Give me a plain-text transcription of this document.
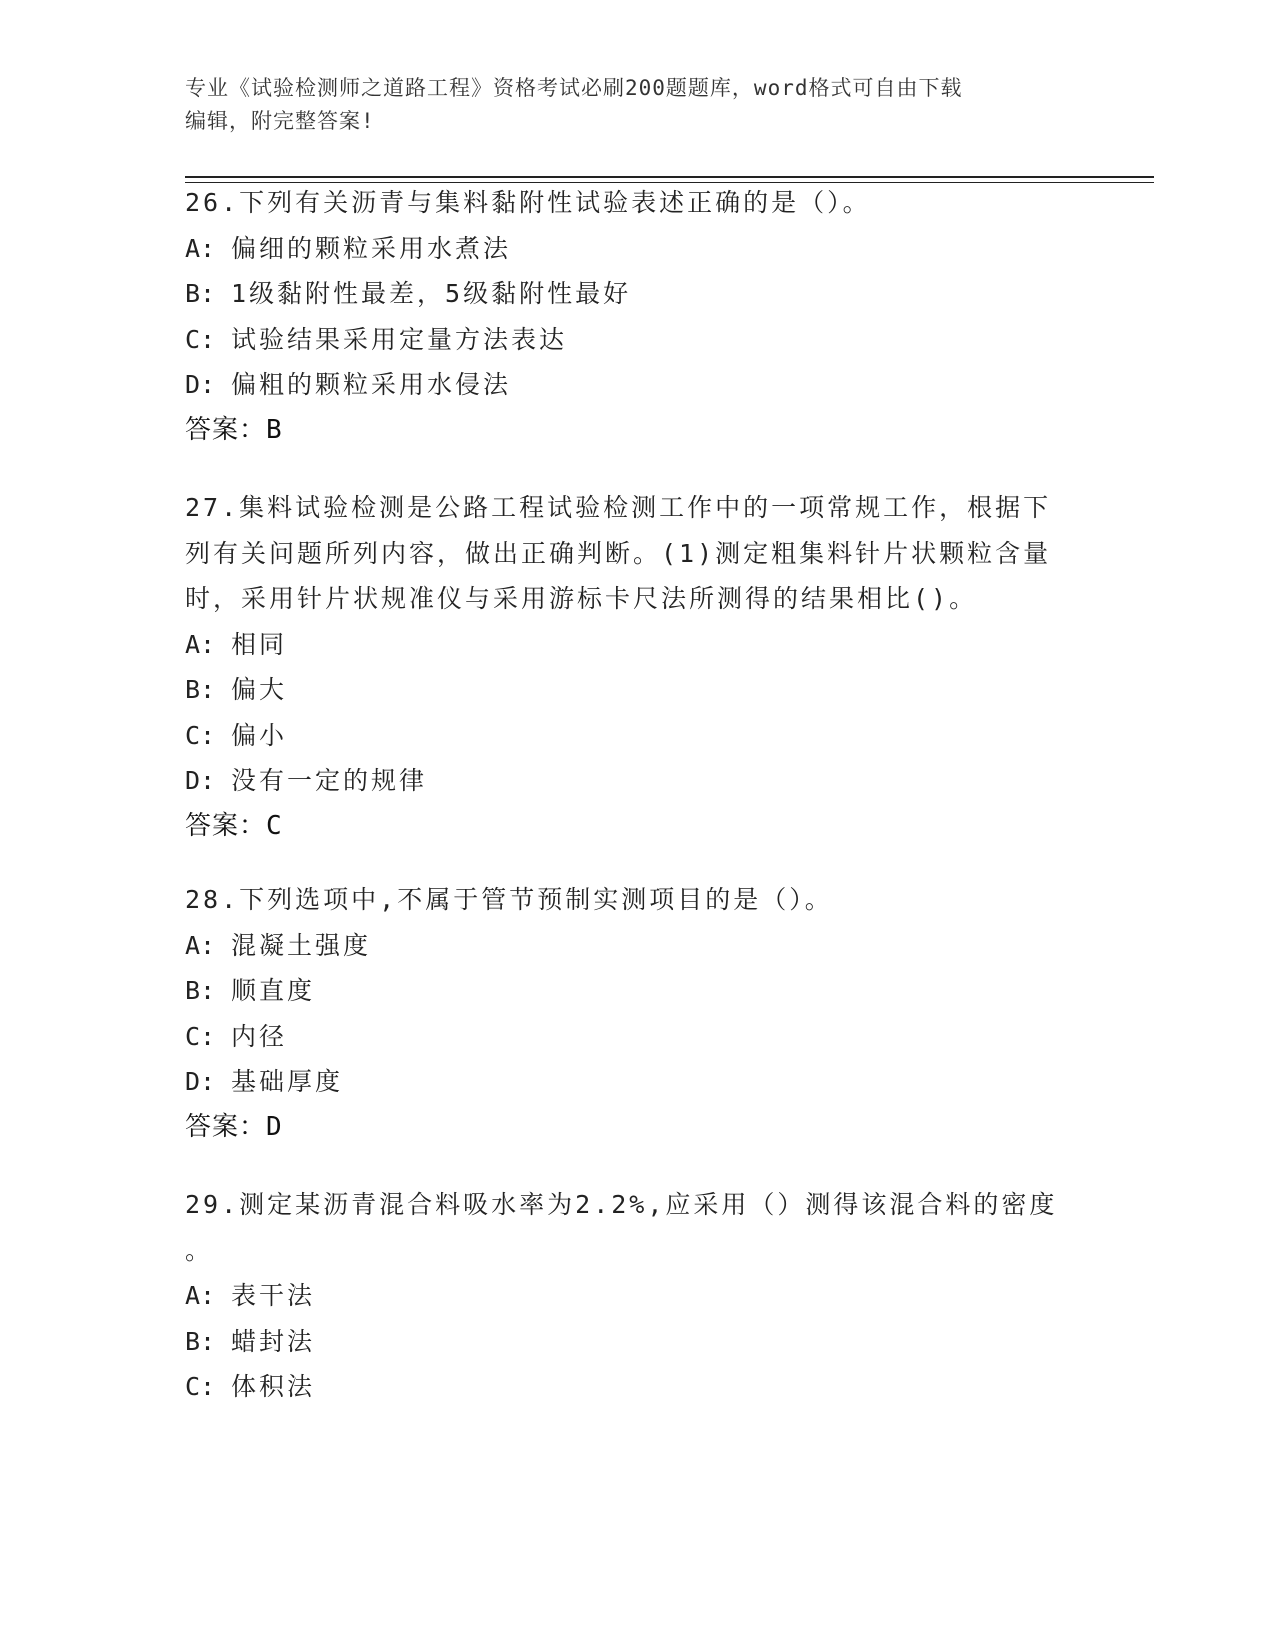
专业《试验检测师之道路工程》资格考试必刷200题题库，word格式可自由下载
编辑，附完整答案!

26.下列有关沥青与集料黏附性试验表述正确的是（）。

A: 偏细的颗粒采用水煮法

B: 1级黏附性最差，5级黏附性最好

C: 试验结果采用定量方法表达

D: 偏粗的颗粒采用水侵法

答案：B

27.集料试验检测是公路工程试验检测工作中的一项常规工作，根据下

列有关问题所列内容，做出正确判断。(1)测定粗集料针片状颗粒含量

时，采用针片状规准仪与采用游标卡尺法所测得的结果相比()。

A: 相同

B: 偏大

C: 偏小

D: 没有一定的规律

答案：C

28.下列选项中,不属于管节预制实测项目的是（）。

A: 混凝土强度

B: 顺直度

C: 内径

D: 基础厚度

答案：D

29.测定某沥青混合料吸水率为2.2%,应采用（）测得该混合料的密度

。

A: 表干法

B: 蜡封法

C: 体积法
